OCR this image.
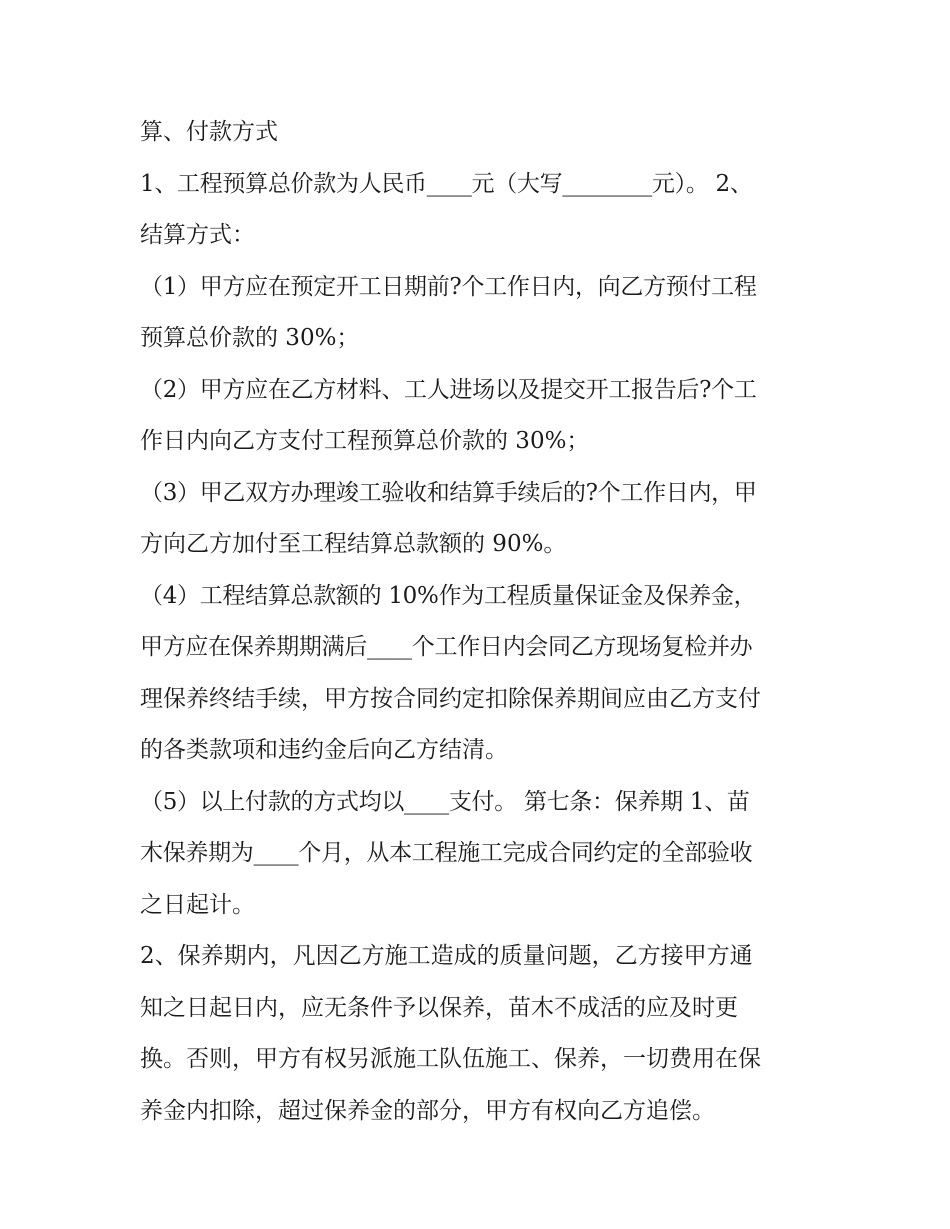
算、付款方式
1、工程预算总价款为人民币____元（大写________元）。 2、
结算方式：
（1）甲方应在预定开工日期前?个工作日内，向乙方预付工程
预算总价款的 30%；
（2）甲方应在乙方材料、工人进场以及提交开工报告后?个工
作日内向乙方支付工程预算总价款的 30%；
（3）甲乙双方办理竣工验收和结算手续后的?个工作日内，甲
方向乙方加付至工程结算总款额的 90%。
（4）工程结算总款额的 10%作为工程质量保证金及保养金，
甲方应在保养期期满后____个工作日内会同乙方现场复检并办
理保养终结手续，甲方按合同约定扣除保养期间应由乙方支付
的各类款项和违约金后向乙方结清。
（5）以上付款的方式均以____支付。 第七条：保养期 1、苗
木保养期为____个月，从本工程施工完成合同约定的全部验收
之日起计。
2、保养期内，凡因乙方施工造成的质量问题，乙方接甲方通
知之日起日内，应无条件予以保养，苗木不成活的应及时更
换。否则，甲方有权另派施工队伍施工、保养，一切费用在保
养金内扣除，超过保养金的部分，甲方有权向乙方追偿。
